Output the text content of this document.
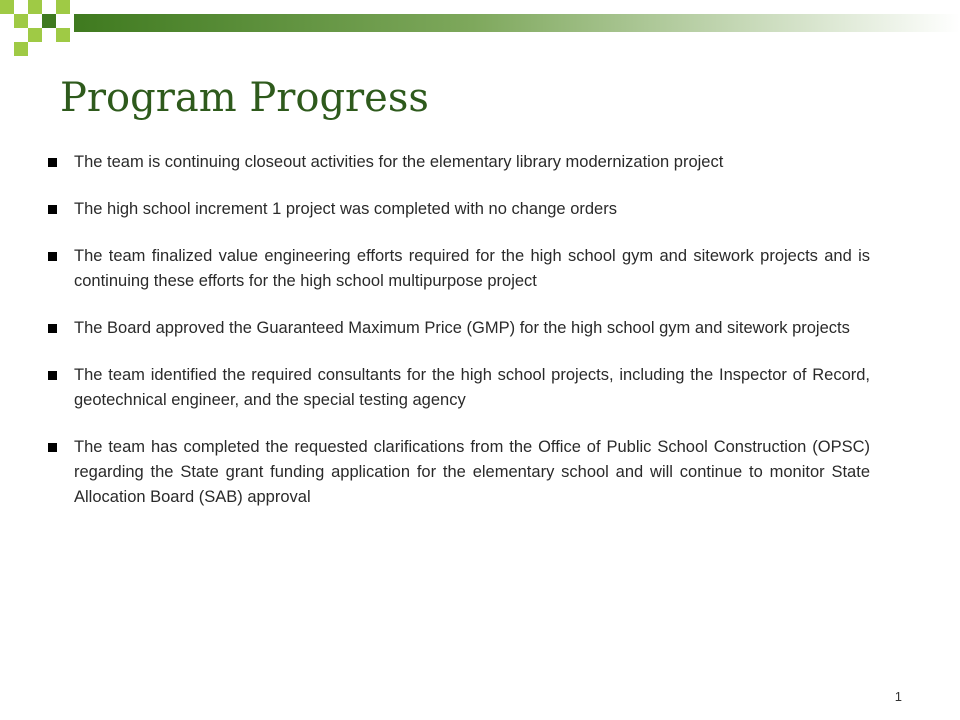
Program Progress
The team is continuing closeout activities for the elementary library modernization project
The high school increment 1 project was completed with no change orders
The team finalized value engineering efforts required for the high school gym and sitework projects and is continuing these efforts for the high school multipurpose project
The Board approved the Guaranteed Maximum Price (GMP) for the high school gym and sitework projects
The team identified the required consultants for the high school projects, including the Inspector of Record, geotechnical engineer, and the special testing agency
The team has completed the requested clarifications from the Office of Public School Construction (OPSC) regarding the State grant funding application for the elementary school and will continue to monitor State Allocation Board (SAB) approval
1
